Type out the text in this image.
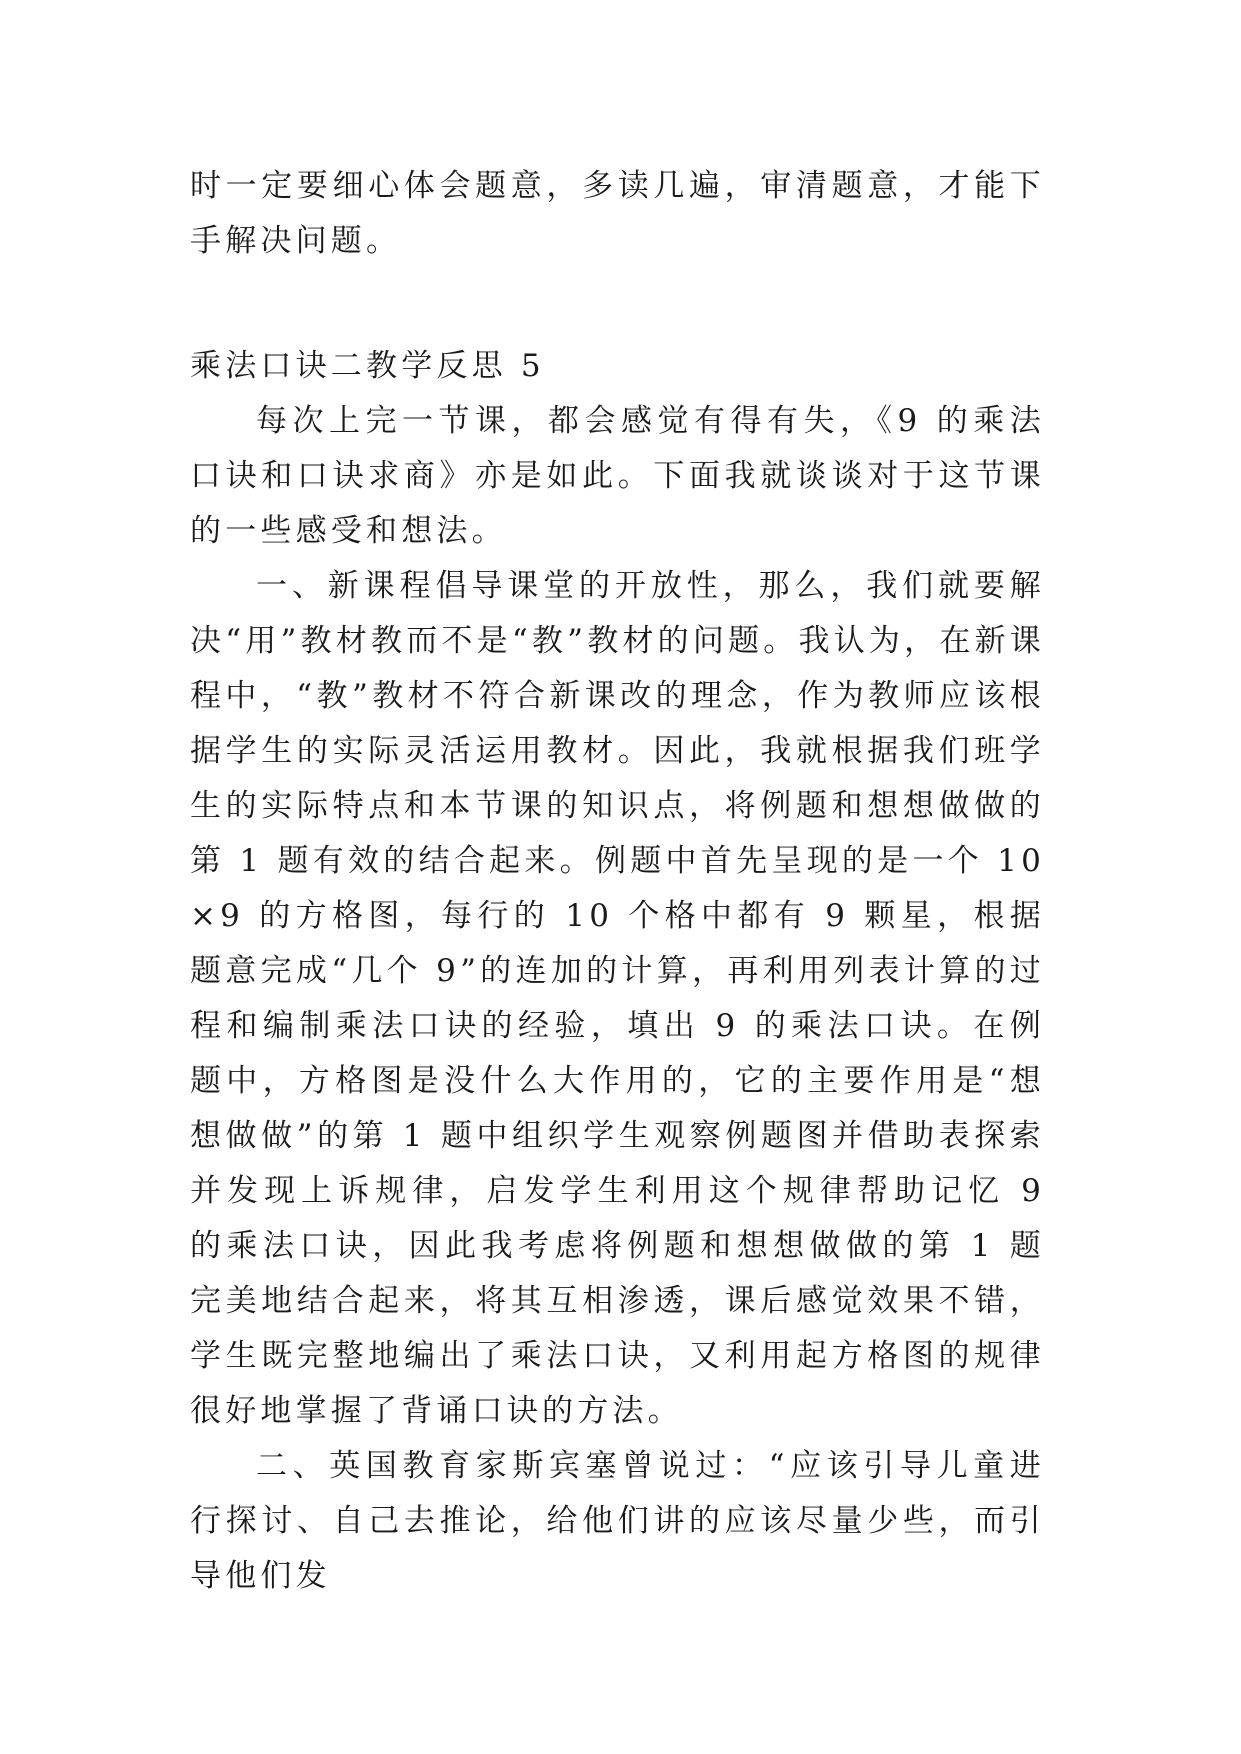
时一定要细心体会题意，多读几遍，审清题意，才能下手解决问题。
乘法口诀二教学反思 5
每次上完一节课，都会感觉有得有失，《9 的乘法口诀和口诀求商》亦是如此。下面我就谈谈对于这节课的一些感受和想法。
一、新课程倡导课堂的开放性，那么，我们就要解决“用”教材教而不是“教”教材的问题。我认为，在新课程中，“教”教材不符合新课改的理念，作为教师应该根据学生的实际灵活运用教材。因此，我就根据我们班学生的实际特点和本节课的知识点，将例题和想想做做的第 1 题有效的结合起来。例题中首先呈现的是一个 10×9 的方格图，每行的 10 个格中都有 9 颗星，根据题意完成“几个 9”的连加的计算，再利用列表计算的过程和编制乘法口诀的经验，填出 9 的乘法口诀。在例题中，方格图是没什么大作用的，它的主要作用是“想想做做”的第 1 题中组织学生观察例题图并借助表探索并发现上诉规律，启发学生利用这个规律帮助记忆 9 的乘法口诀，因此我考虑将例题和想想做做的第 1 题完美地结合起来，将其互相渗透，课后感觉效果不错，学生既完整地编出了乘法口诀，又利用起方格图的规律很好地掌握了背诵口诀的方法。
二、英国教育家斯宾塞曾说过：“应该引导儿童进行探讨、自己去推论，给他们讲的应该尽量少些，而引导他们发
